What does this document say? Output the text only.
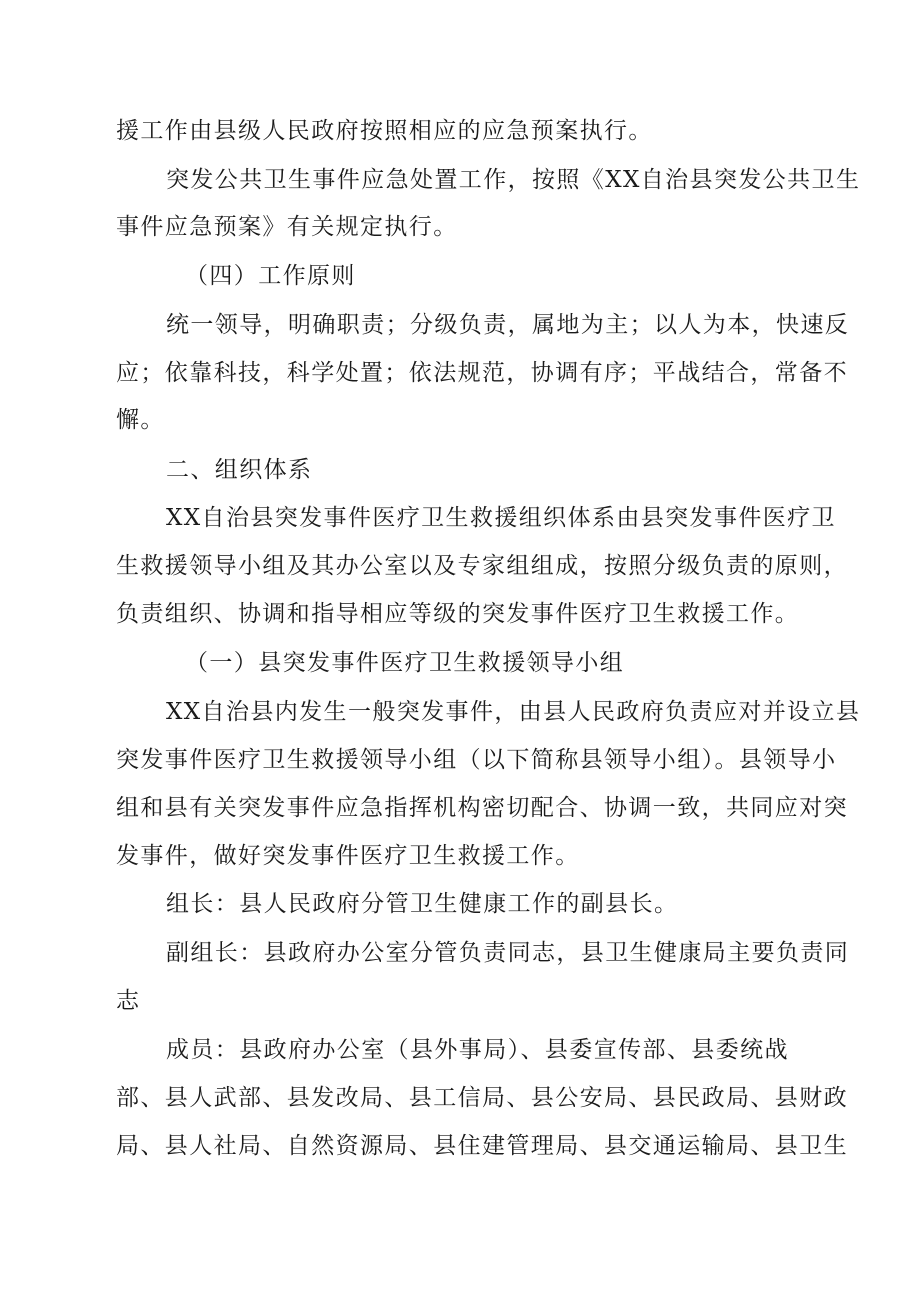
援工作由县级人民政府按照相应的应急预案执行。
突发公共卫生事件应急处置工作，按照《XX自治县突发公共卫生
事件应急预案》有关规定执行。
（四）工作原则
统一领导，明确职责；分级负责，属地为主；以人为本，快速反
应；依靠科技，科学处置；依法规范，协调有序；平战结合，常备不
懈。
二、组织体系
XX自治县突发事件医疗卫生救援组织体系由县突发事件医疗卫
生救援领导小组及其办公室以及专家组组成，按照分级负责的原则，
负责组织、协调和指导相应等级的突发事件医疗卫生救援工作。
（一）县突发事件医疗卫生救援领导小组
XX自治县内发生一般突发事件，由县人民政府负责应对并设立县
突发事件医疗卫生救援领导小组（以下简称县领导小组）。县领导小
组和县有关突发事件应急指挥机构密切配合、协调一致，共同应对突
发事件，做好突发事件医疗卫生救援工作。
组长：县人民政府分管卫生健康工作的副县长。
副组长：县政府办公室分管负责同志，县卫生健康局主要负责同
志
成员：县政府办公室（县外事局）、县委宣传部、县委统战
部、县人武部、县发改局、县工信局、县公安局、县民政局、县财政
局、县人社局、自然资源局、县住建管理局、县交通运输局、县卫生
